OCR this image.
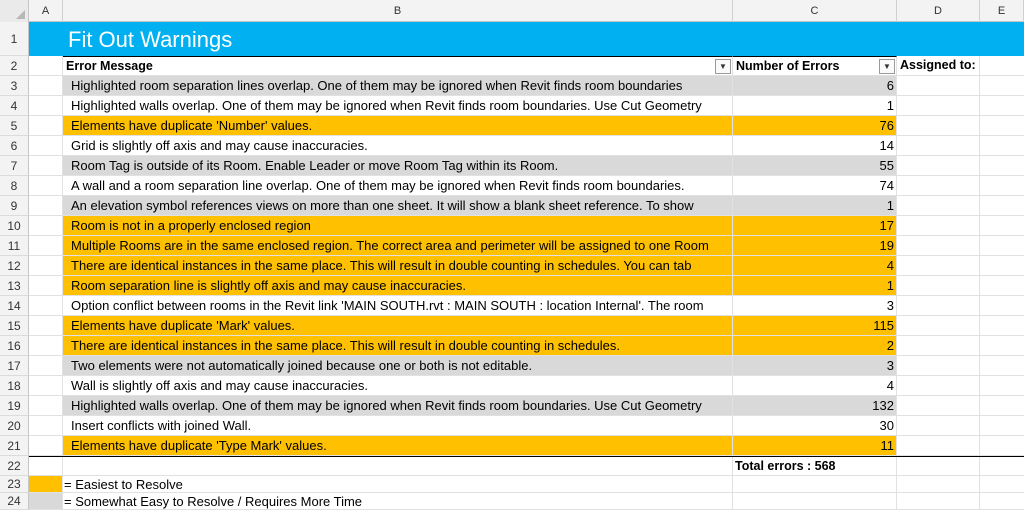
A	B	C	D	E
1
2
3
4
5
6
7
8
9
10
11
12
13
14
15
16
17
18
19
20
21
22
23
24
Fit Out Warnings
Error Message	▼ Number of Errors	▼ Assigned to:
Highlighted room separation lines overlap. One of them may be ignored when Revit finds room boundaries	6
Highlighted walls overlap. One of them may be ignored when Revit finds room boundaries. Use Cut Geometry	1
Elements have duplicate 'Number' values.	76
Grid is slightly off axis and may cause inaccuracies.	14
Room Tag is outside of its Room. Enable Leader or move Room Tag within its Room.	55
A wall and a room separation line overlap. One of them may be ignored when Revit finds room boundaries.	74
An elevation symbol references views on more than one sheet. It will show a blank sheet reference. To show	1
Room is not in a properly enclosed region	17
Multiple Rooms are in the same enclosed region. The correct area and perimeter will be assigned to one Room	19
There are identical instances in the same place. This will result in double counting in schedules. You can tab	4
Room separation line is slightly off axis and may cause inaccuracies.	1
Option conflict between rooms in the Revit link 'MAIN SOUTH.rvt : MAIN SOUTH : location Internal'. The room	3
Elements have duplicate 'Mark' values.	115
There are identical instances in the same place. This will result in double counting in schedules.	2
Two elements were not automatically joined because one or both is not editable.	3
Wall is slightly off axis and may cause inaccuracies.	4
Highlighted walls overlap. One of them may be ignored when Revit finds room boundaries. Use Cut Geometry	132
Insert conflicts with joined Wall.	30
Elements have duplicate 'Type Mark' values.	11
Total errors : 568
= Easiest to Resolve
= Somewhat Easy to Resolve / Requires More Time
